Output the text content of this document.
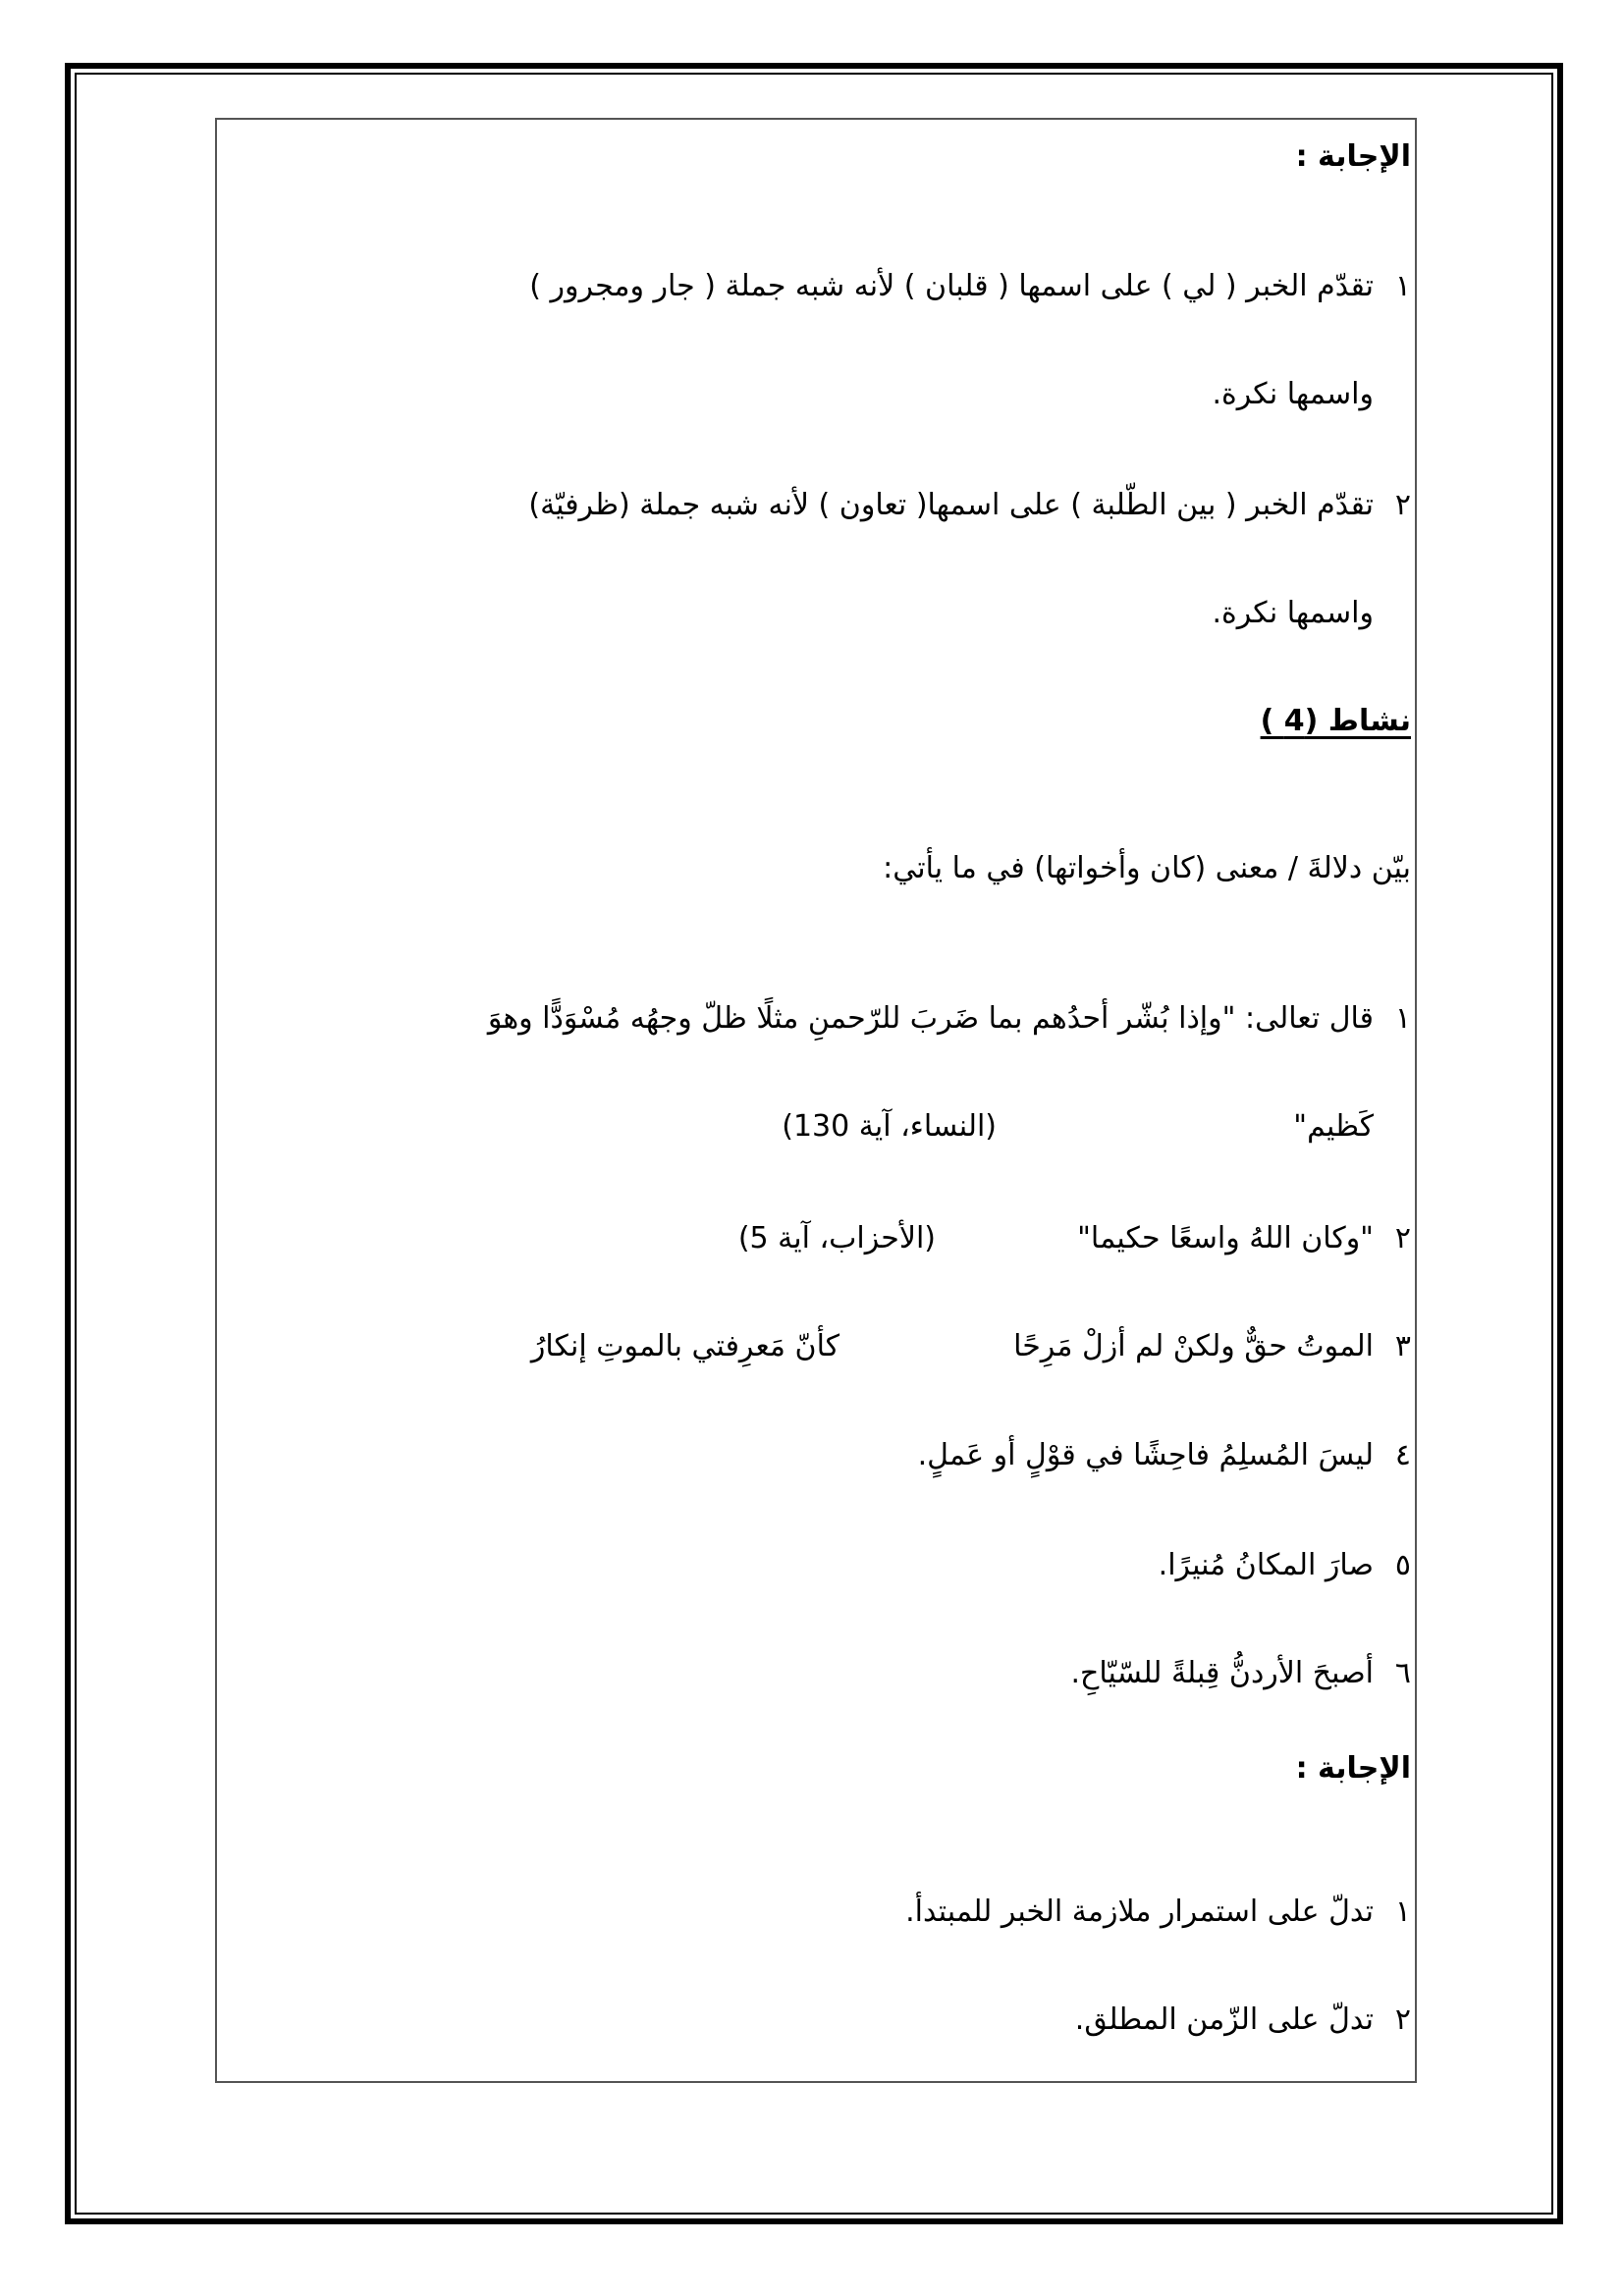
الإجابة :
١
تقدّم الخبر ( لي ) على اسمها ( قلبان ) لأنه شبه جملة ( جار ومجرور )
واسمها نكرة.
٢
تقدّم الخبر ( بين الطّلبة ) على اسمها( تعاون ) لأنه شبه جملة (ظرفيّة)
واسمها نكرة.
نشاط (4 )
بيّن دلالةَ / معنى (كان وأخواتها) في ما يأتي:
١
قال تعالى: "وإذا بُشّر أحدُهم بما ضَربَ للرّحمنِ مثلًا ظلّ وجهُه مُسْوَدًّا وهوَ
كَظيم"
(النساء، آية 130)
٢
"وكان اللهُ واسعًا حكيما"
(الأحزاب، آية 5)
٣
الموتُ حقٌّ ولكنْ لم أزلْ مَرِحًا
كأنّ مَعرِفتي بالموتِ إنكارُ
٤
ليسَ المُسلِمُ فاحِشًا في قوْلٍ أو عَملٍ.
٥
صارَ المكانُ مُنيرًا.
٦
أصبحَ الأردنُّ قِبلةً للسّيّاحِ.
الإجابة :
١
تدلّ على استمرار ملازمة الخبر للمبتدأ.
٢
تدلّ على الزّمن المطلق.
